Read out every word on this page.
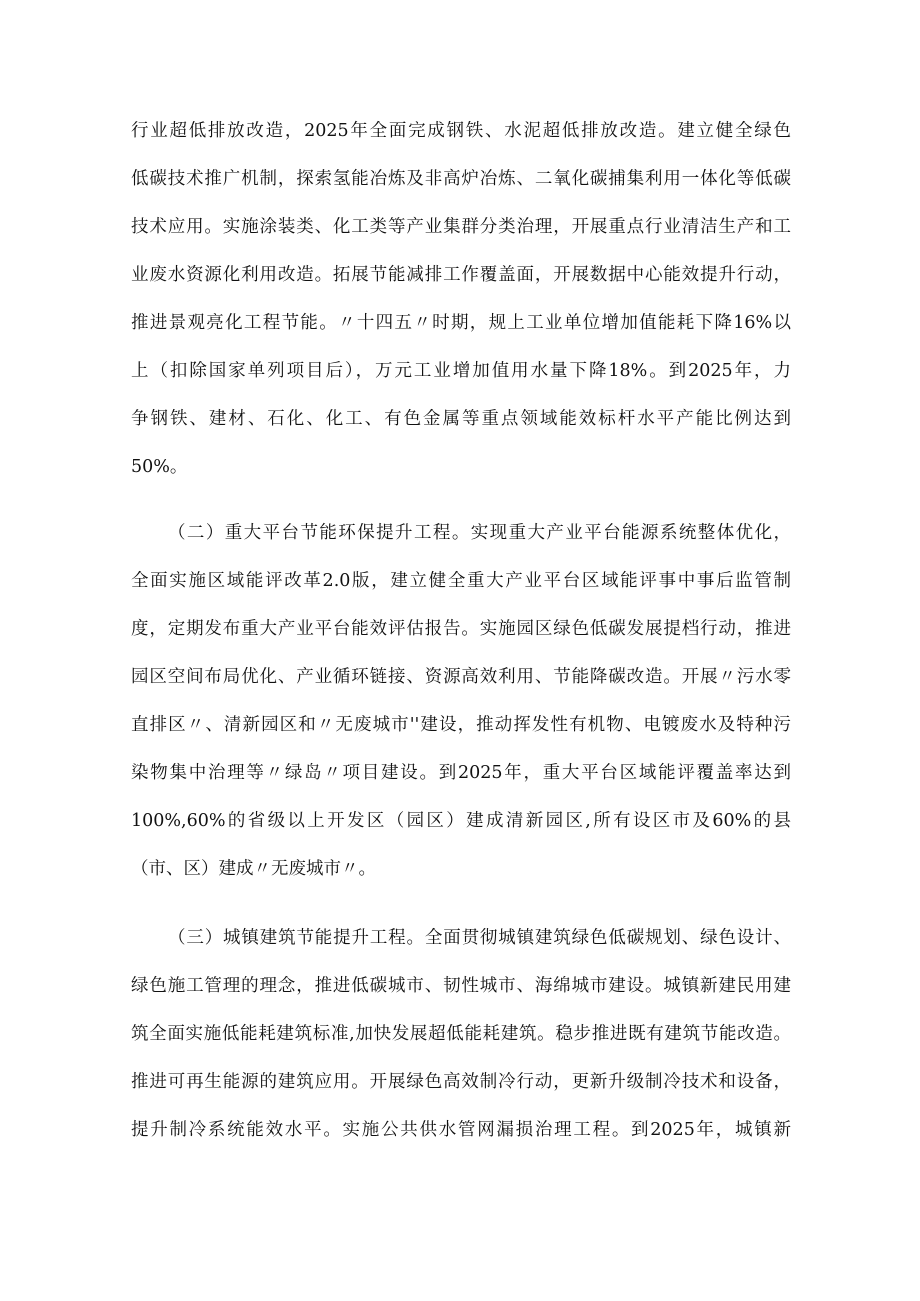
行业超低排放改造，2025年全面完成钢铁、水泥超低排放改造。建立健全绿色
低碳技术推广机制，探索氢能冶炼及非高炉冶炼、二氧化碳捕集利用一体化等低碳
技术应用。实施涂装类、化工类等产业集群分类治理，开展重点行业清洁生产和工
业废水资源化利用改造。拓展节能减排工作覆盖面，开展数据中心能效提升行动，
推进景观亮化工程节能。〃十四五〃时期，规上工业单位增加值能耗下降16%以
上（扣除国家单列项目后），万元工业增加值用水量下降18%。到2025年，力
争钢铁、建材、石化、化工、有色金属等重点领域能效标杆水平产能比例达到
50%。
（二）重大平台节能环保提升工程。实现重大产业平台能源系统整体优化，
全面实施区域能评改革2.0版，建立健全重大产业平台区域能评事中事后监管制
度，定期发布重大产业平台能效评估报告。实施园区绿色低碳发展提档行动，推进
园区空间布局优化、产业循环链接、资源高效利用、节能降碳改造。开展〃污水零
直排区〃、清新园区和〃无废城市''建设，推动挥发性有机物、电镀废水及特种污
染物集中治理等〃绿岛〃项目建设。到2025年，重大平台区域能评覆盖率达到
100%,60%的省级以上开发区（园区）建成清新园区,所有设区市及60%的县
（市、区）建成〃无废城市〃。
（三）城镇建筑节能提升工程。全面贯彻城镇建筑绿色低碳规划、绿色设计、
绿色施工管理的理念，推进低碳城市、韧性城市、海绵城市建设。城镇新建民用建
筑全面实施低能耗建筑标准,加快发展超低能耗建筑。稳步推进既有建筑节能改造。
推进可再生能源的建筑应用。开展绿色高效制冷行动，更新升级制冷技术和设备，
提升制冷系统能效水平。实施公共供水管网漏损治理工程。到2025年，城镇新
